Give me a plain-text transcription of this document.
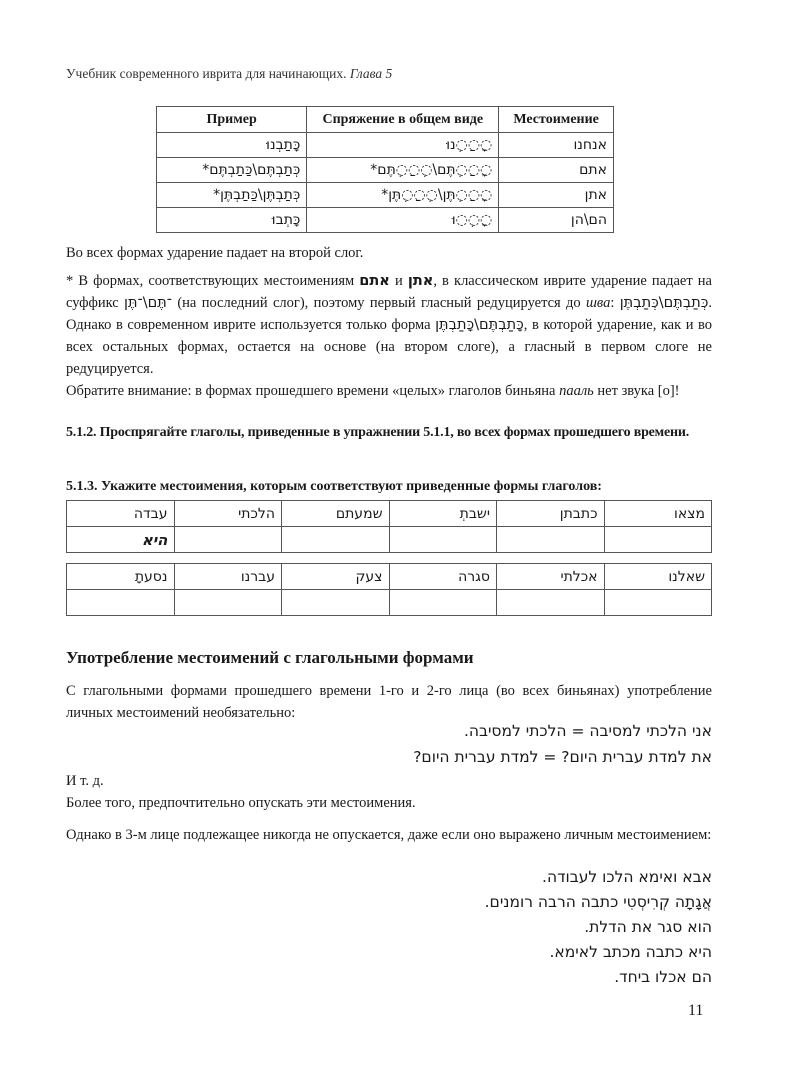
Учебник современного иврита для начинающих. Глава 5
Пример	Спряжение в общем виде	Местоимение
כָּתַבְנוּ	◌ָ◌ַ◌ְנוּ	אנחנו
כְּתַבְתֶּם\כַּתַבְתֶּם*	◌ָ◌ַ◌ְתֶּם\◌ְ◌ַ◌ְתֶּם*	אתם
כְּתַבְתֶּן\כַּתַבְתֶּן*	◌ָ◌ַ◌ְתֶּן\◌ְ◌ַ◌ְתֶּן*	אתן
כָּתְבוּ	◌ָ◌ְ◌וּ	הם\הן
Во всех формах ударение падает на второй слог.
* В формах, соответствующих местоимениям אתם и אתן, в классическом иврите ударение падает на суффикс ־תֶּם\־תֶּן (на последний слог), поэтому первый гласный редуцируется до шва: כְּתַבְתֶּם\כְּתַבְתֶּן. Однако в современном иврите используется только форма כָּתַבְתֶּם\כָּתַבְתֶּן, в которой ударение, как и во всех остальных формах, остается на основе (на втором слоге), а гласный в первом слоге не редуцируется.
Обратите внимание: в формах прошедшего времени «целых» глаголов биньяна пааль нет звука [о]!
5.1.2. Проспрягайте глаголы, приведенные в упражнении 5.1.1, во всех формах прошедшего времени.
5.1.3. Укажите местоимения, которым соответствуют приведенные формы глаголов:
עבדה	הלכתי	שמעתם	ישבתְ	כתבתן	מצאו
היא					
נסעתָ	עברנו	צעק	סגרה	אכלתי	שאלנו

Употребление местоимений с глагольными формами
С глагольными формами прошедшего времени 1-го и 2-го лица (во всех биньянах) употребление личных местоимений необязательно:
אני הלכתי למסיבה = הלכתי למסיבה.
את למדת עברית היום? = למדת עברית היום?
И т. д.
Более того, предпочтительно опускать эти местоимения.
Однако в 3-м лице подлежащее никогда не опускается, даже если оно выражено личным местоимением:
אבא ואימא הלכו לעבודה.
אֲגָתָה קְרִיסְטִי כתבה הרבה רומנים.
הוא סגר את הדלת.
היא כתבה מכתב לאימא.
הם אכלו ביחד.
11
